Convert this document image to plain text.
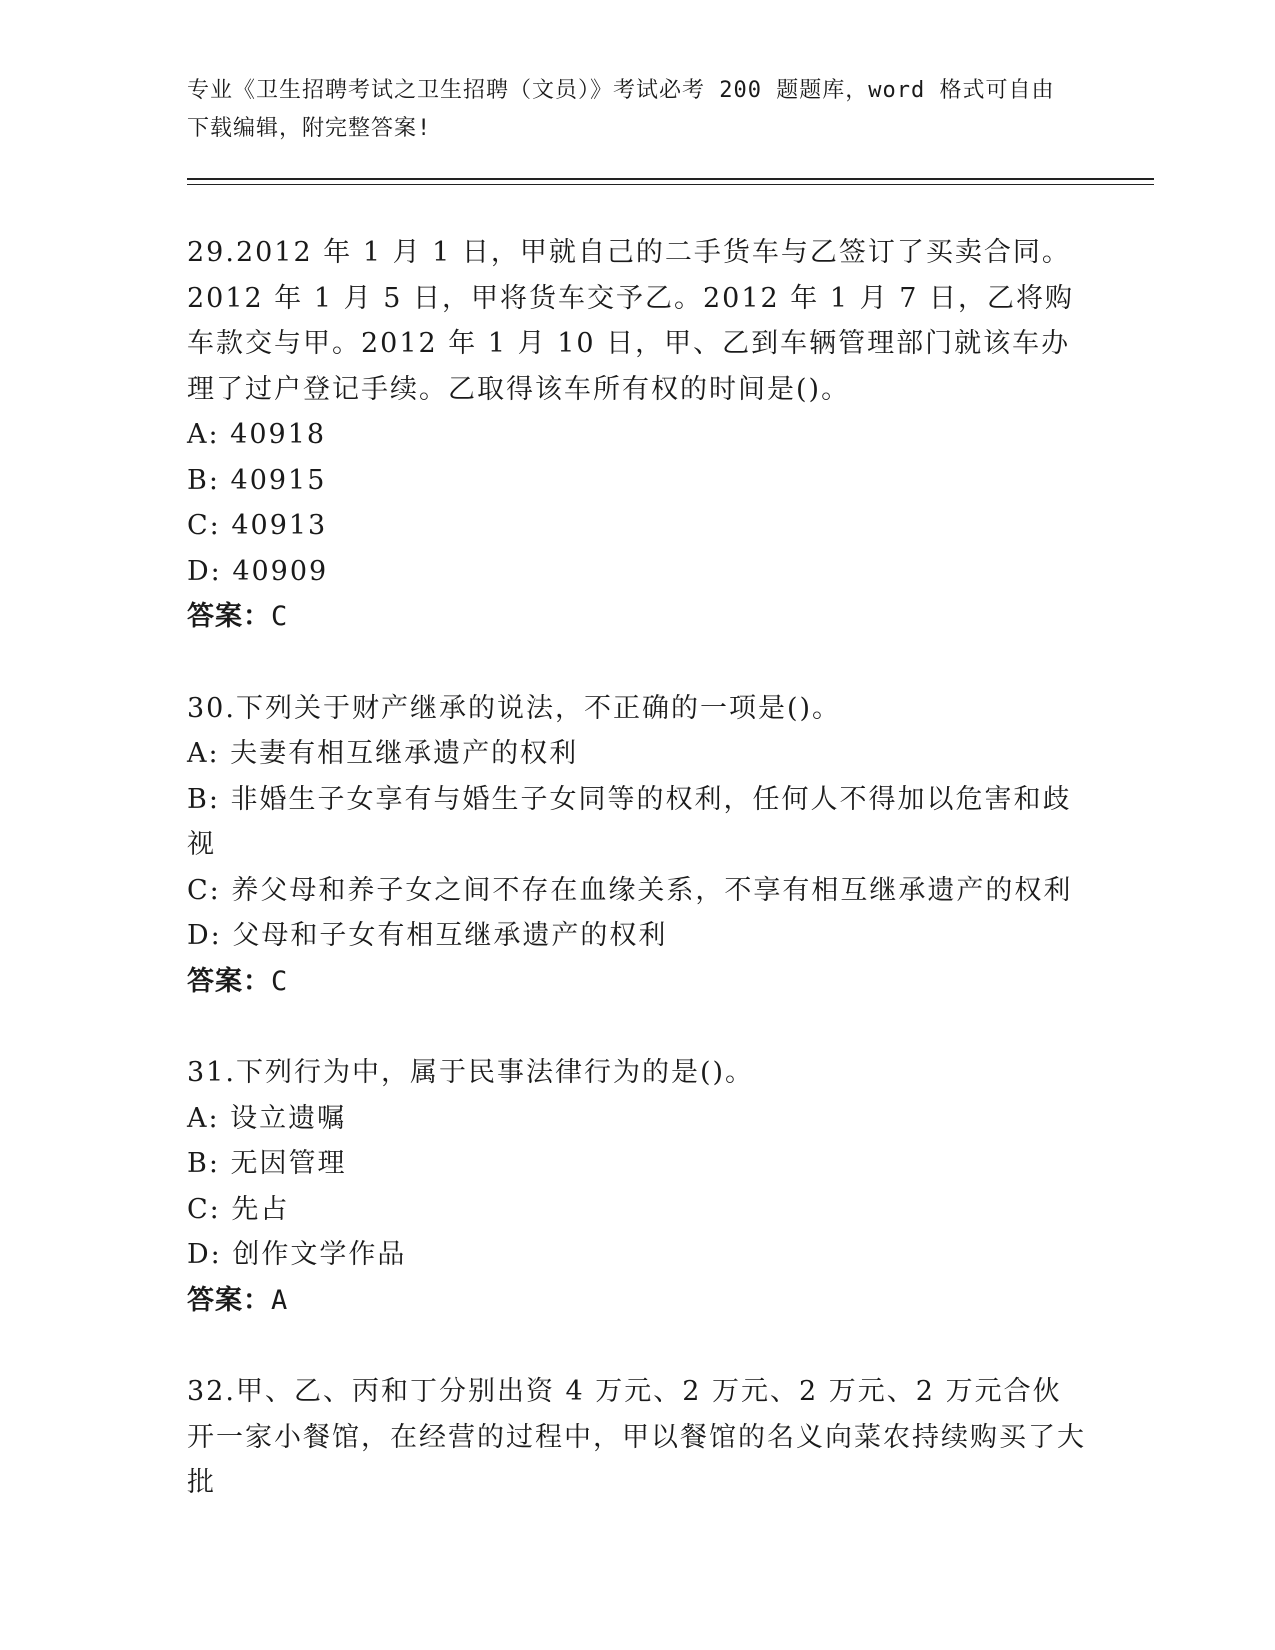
专业《卫生招聘考试之卫生招聘（文员）》考试必考 200 题题库，word 格式可自由下载编辑，附完整答案!

29.2012 年 1 月 1 日，甲就自己的二手货车与乙签订了买卖合同。2012 年 1 月 5 日，甲将货车交予乙。2012 年 1 月 7 日，乙将购车款交与甲。2012 年 1 月 10 日，甲、乙到车辆管理部门就该车办理了过户登记手续。乙取得该车所有权的时间是()。

A: 40918

B: 40915

C: 40913

D: 40909

答案：C

30.下列关于财产继承的说法，不正确的一项是()。

A: 夫妻有相互继承遗产的权利

B: 非婚生子女享有与婚生子女同等的权利，任何人不得加以危害和歧视

C: 养父母和养子女之间不存在血缘关系，不享有相互继承遗产的权利

D: 父母和子女有相互继承遗产的权利

答案：C

31.下列行为中，属于民事法律行为的是()。

A: 设立遗嘱

B: 无因管理

C: 先占

D: 创作文学作品

答案：A

32.甲、乙、丙和丁分别出资 4 万元、2 万元、2 万元、2 万元合伙开一家小餐馆，在经营的过程中，甲以餐馆的名义向菜农持续购买了大批
